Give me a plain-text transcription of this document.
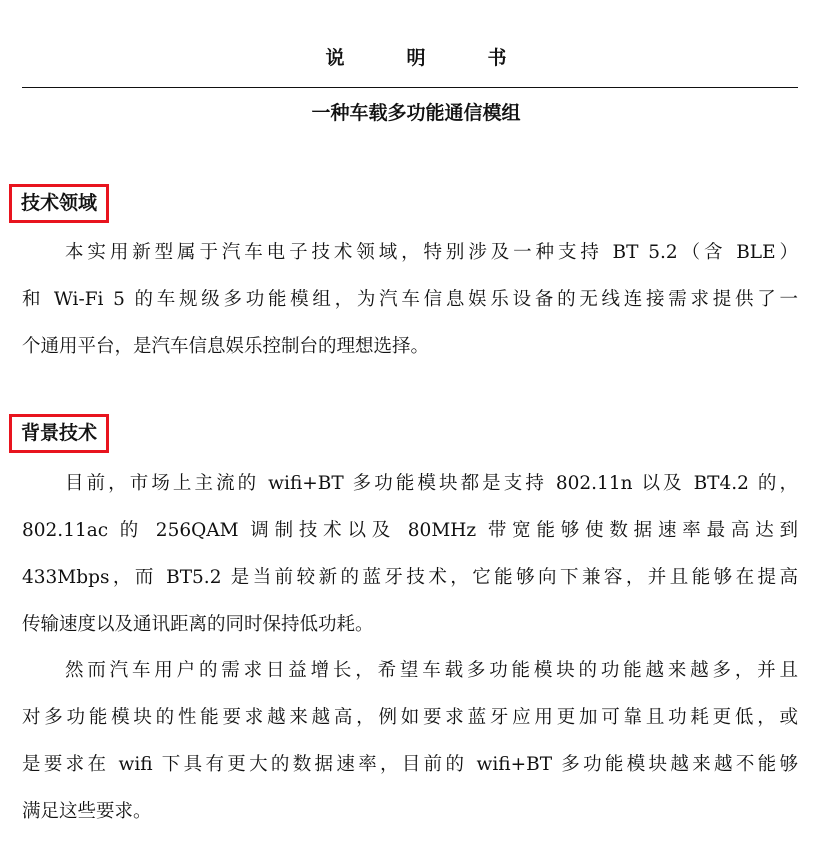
说明书
一种车载多功能通信模组
技术领域
本实用新型属于汽车电子技术领域，特别涉及一种支持 BT 5.2（含 BLE）
和 Wi-Fi 5 的车规级多功能模组，为汽车信息娱乐设备的无线连接需求提供了一
个通用平台，是汽车信息娱乐控制台的理想选择。
背景技术
目前，市场上主流的 wifi+BT 多功能模块都是支持 802.11n 以及 BT4.2 的，
802.11ac 的 256QAM 调制技术以及 80MHz 带宽能够使数据速率最高达到
433Mbps，而 BT5.2 是当前较新的蓝牙技术，它能够向下兼容，并且能够在提高
传输速度以及通讯距离的同时保持低功耗。
然而汽车用户的需求日益增长，希望车载多功能模块的功能越来越多，并且
对多功能模块的性能要求越来越高，例如要求蓝牙应用更加可靠且功耗更低，或
是要求在 wifi 下具有更大的数据速率，目前的 wifi+BT 多功能模块越来越不能够
满足这些要求。
